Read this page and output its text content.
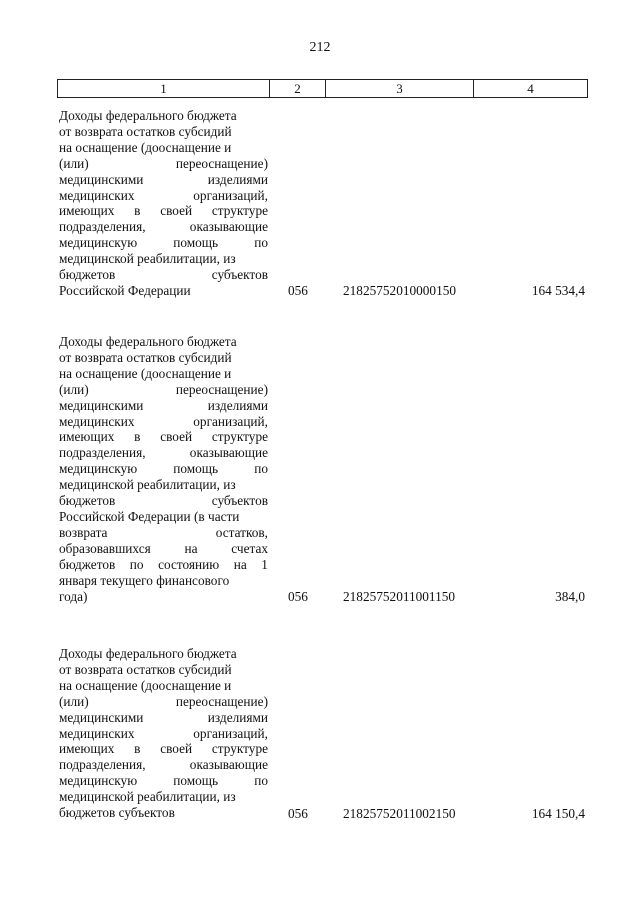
212
1	2	3	4
Доходы федерального бюджета
от возврата остатков субсидий
на оснащение (дооснащение и
(или)	переоснащение)
медицинскими	изделиями
медицинских	организаций,
имеющих в своей структуре
подразделения,	оказывающие
медицинскую	помощь	по
медицинской реабилитации, из
бюджетов	субъектов
Российской Федерации	056	21825752010000150	164 534,4
Доходы федерального бюджета
от возврата остатков субсидий
на оснащение (дооснащение и
(или)	переоснащение)
медицинскими	изделиями
медицинских	организаций,
имеющих в своей структуре
подразделения,	оказывающие
медицинскую	помощь	по
медицинской реабилитации, из
бюджетов	субъектов
Российской Федерации (в части
возврата	остатков,
образовавшихся	на	счетах
бюджетов по состоянию на 1
января текущего финансового
года)	056	21825752011001150	384,0
Доходы федерального бюджета
от возврата остатков субсидий
на оснащение (дооснащение и
(или)	переоснащение)
медицинскими	изделиями
медицинских	организаций,
имеющих в своей структуре
подразделения,	оказывающие
медицинскую	помощь	по
медицинской реабилитации, из
бюджетов субъектов	056	21825752011002150	164 150,4
